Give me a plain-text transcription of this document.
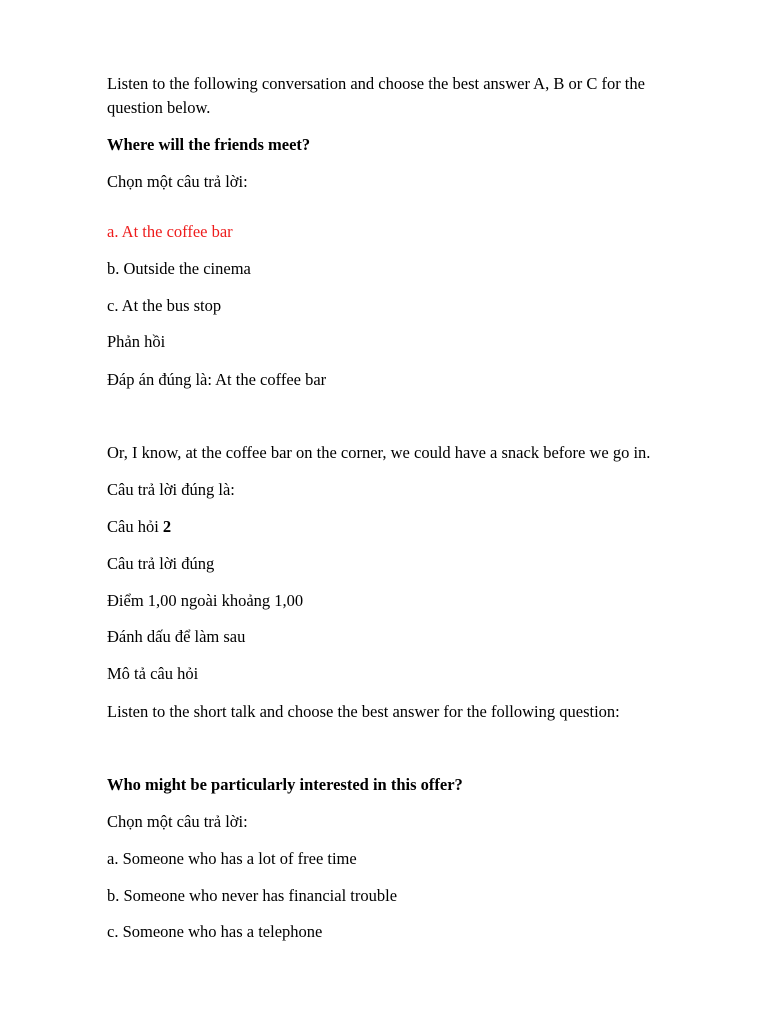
Listen to the following conversation and choose the best answer A, B or C for the question below.

Where will the friends meet?

Chọn một câu trả lời:

a. At the coffee bar

b. Outside the cinema

c. At the bus stop

Phản hồi

Đáp án đúng là: At the coffee bar

Or, I know, at the coffee bar on the corner, we could have a snack before we go in.

Câu trả lời đúng là:

Câu hỏi 2

Câu trả lời đúng

Điểm 1,00 ngoài khoảng 1,00

Đánh dấu để làm sau

Mô tả câu hỏi

Listen to the short talk and choose the best answer for the following question:

Who might be particularly interested in this offer?

Chọn một câu trả lời:

a. Someone who has a lot of free time

b. Someone who never has financial trouble

c. Someone who has a telephone
